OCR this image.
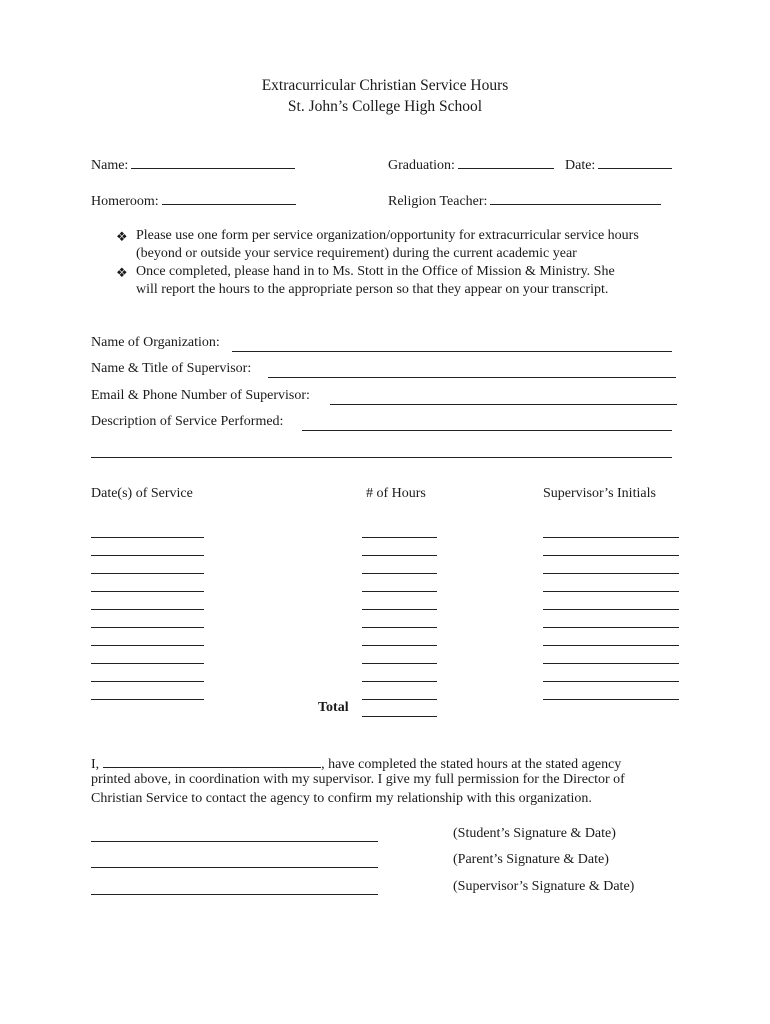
Extracurricular Christian Service Hours
St. John’s College High School
Name:	Graduation:	Date:
Homeroom:	Religion Teacher:
❖ Please use one form per service organization/opportunity for extracurricular service hours
(beyond or outside your service requirement) during the current academic year
❖ Once completed, please hand in to Ms. Stott in the Office of Mission & Ministry. She
will report the hours to the appropriate person so that they appear on your transcript.
Name of Organization:
Name & Title of Supervisor:
Email & Phone Number of Supervisor:
Description of Service Performed:
Date(s) of Service	# of Hours	Supervisor’s Initials
Total
I,	, have completed the stated hours at the stated agency
printed above, in coordination with my supervisor. I give my full permission for the Director of
Christian Service to contact the agency to confirm my relationship with this organization.
(Student’s Signature & Date)
(Parent’s Signature & Date)
(Supervisor’s Signature & Date)
